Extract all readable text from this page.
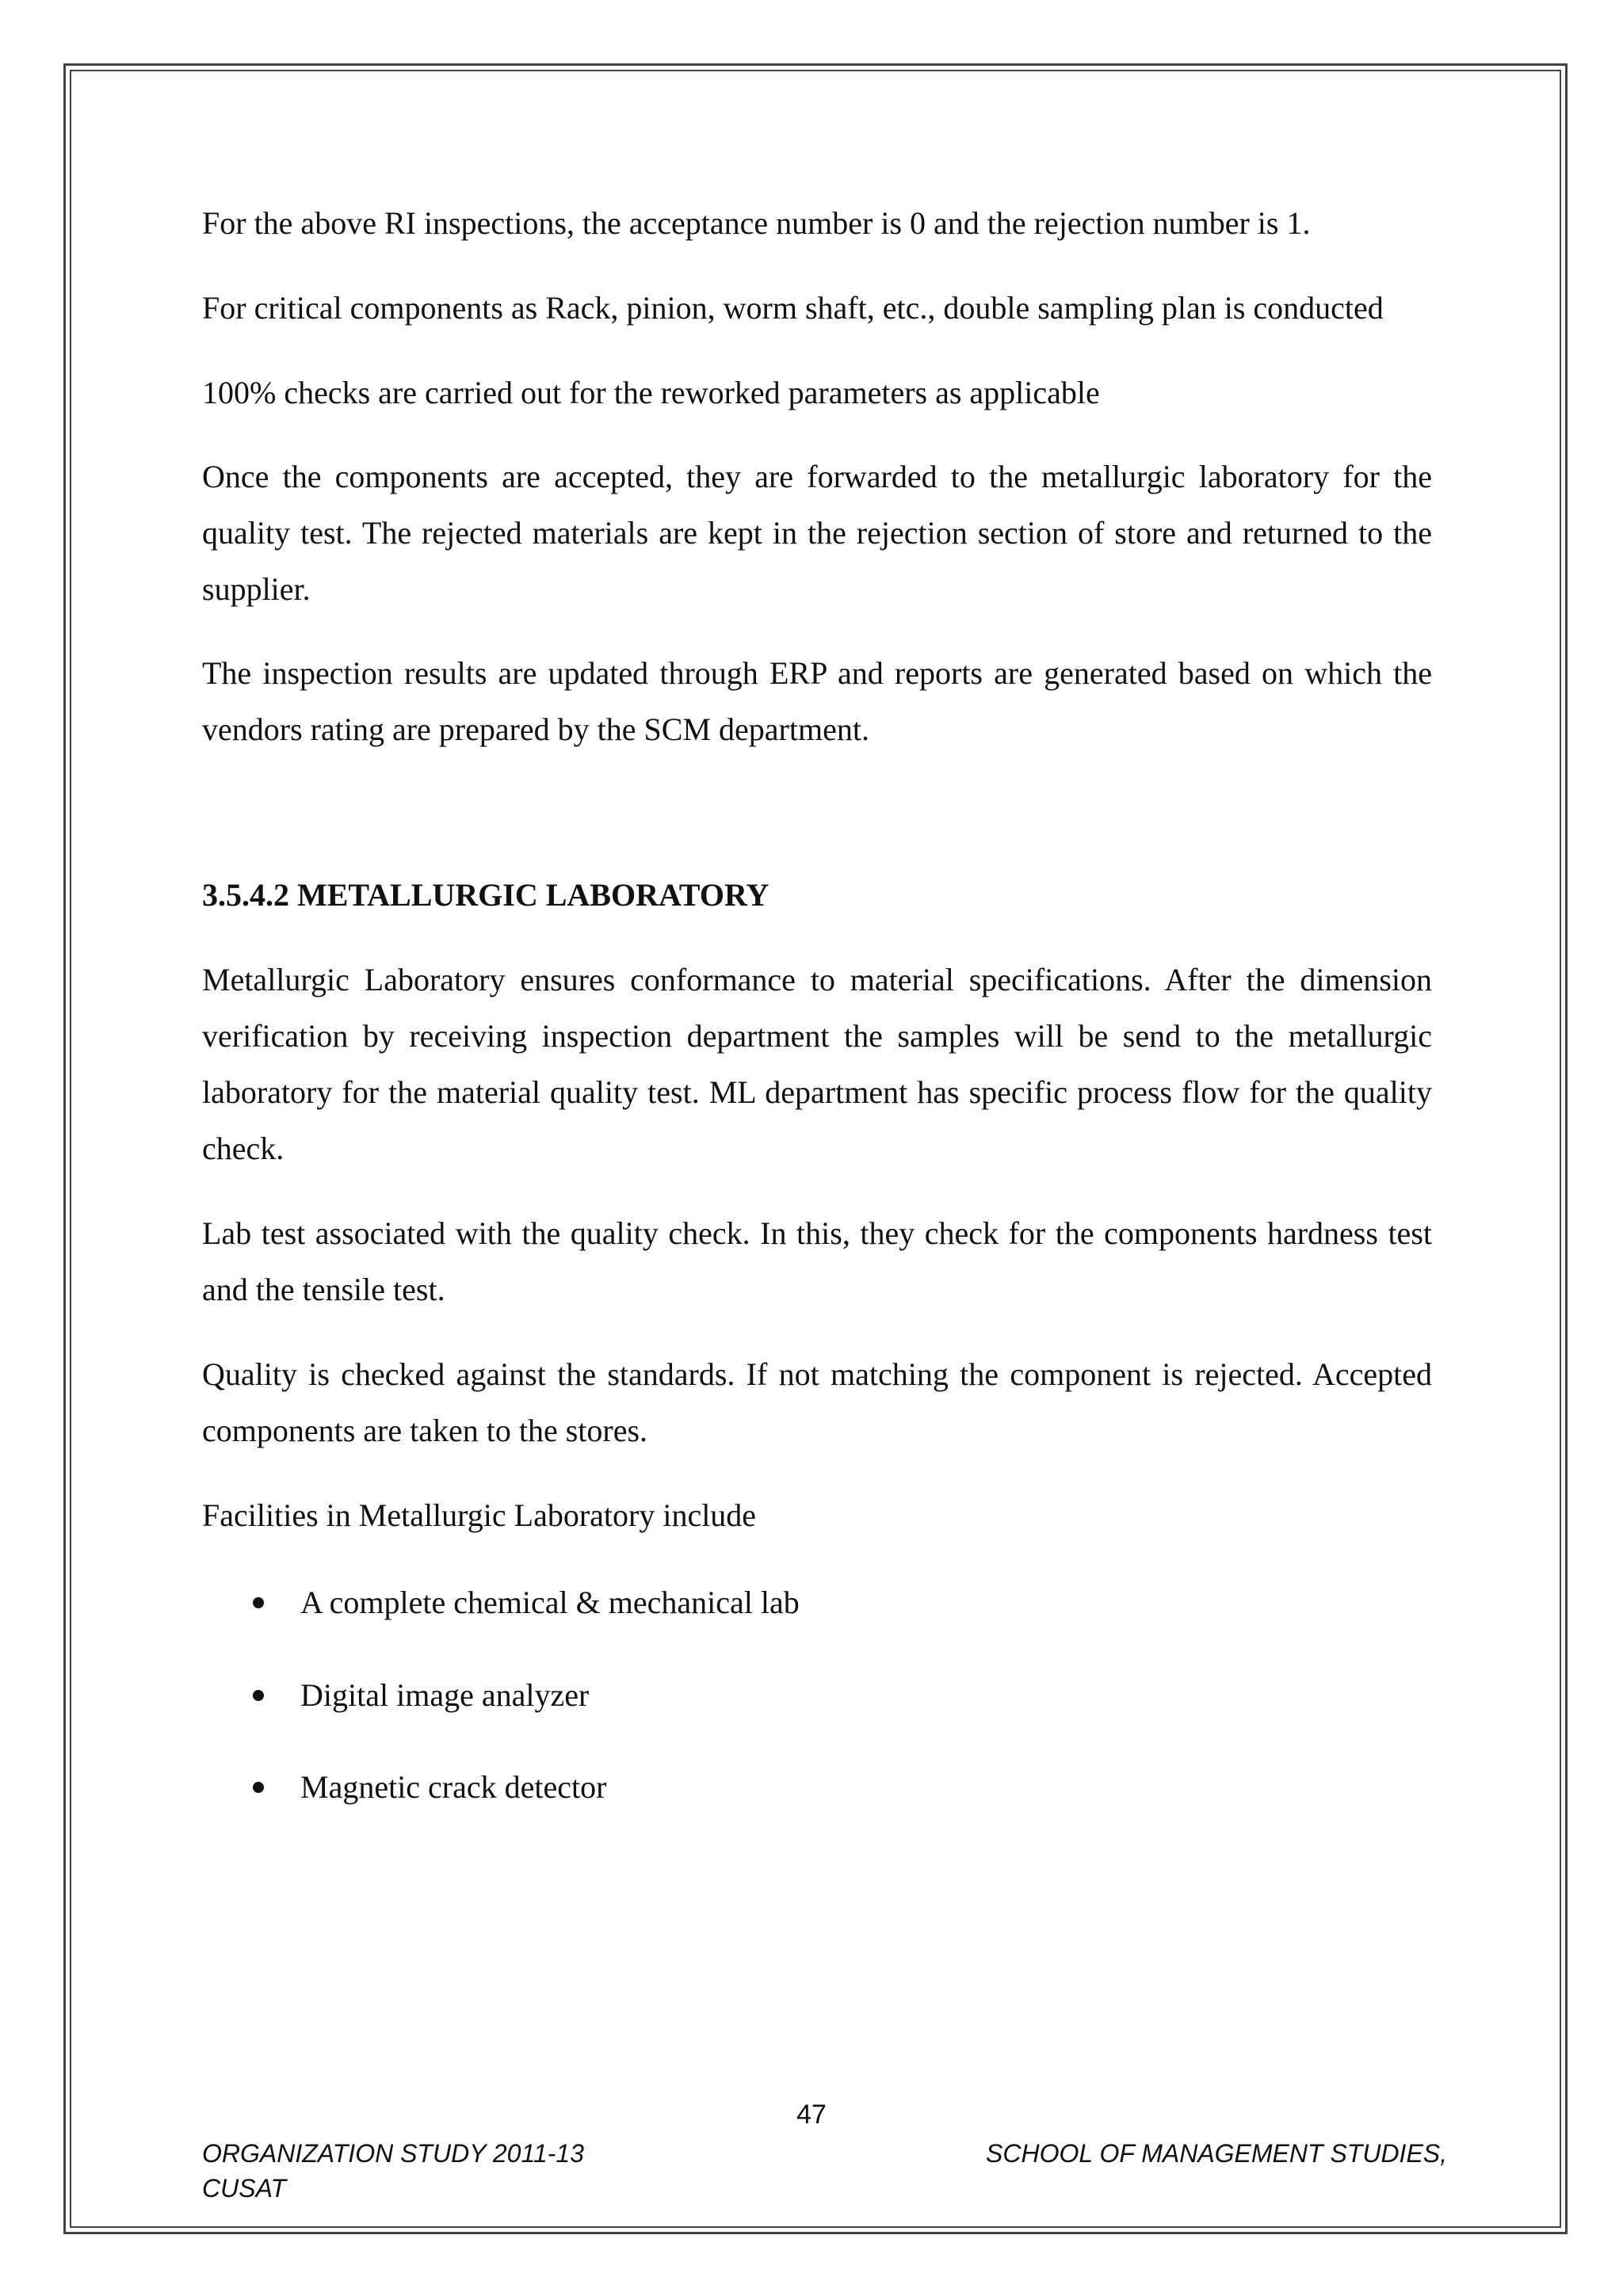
For the above RI inspections, the acceptance number is 0 and the rejection number is 1.

For critical components as Rack, pinion, worm shaft, etc., double sampling plan is conducted

100% checks are carried out for the reworked parameters as applicable

Once the components are accepted, they are forwarded to the metallurgic laboratory for the quality test. The rejected materials are kept in the rejection section of store and returned to the supplier.

The inspection results are updated through ERP and reports are generated based on which the vendors rating are prepared by the SCM department.

3.5.4.2 METALLURGIC LABORATORY

Metallurgic Laboratory ensures conformance to material specifications. After the dimension verification by receiving inspection department the samples will be send to the metallurgic laboratory for the material quality test. ML department has specific process flow for the quality check.

Lab test associated with the quality check. In this, they check for the components hardness test and the tensile test.

Quality is checked against the standards. If not matching the component is rejected. Accepted components are taken to the stores.

Facilities in Metallurgic Laboratory include

A complete chemical & mechanical lab
Digital image analyzer
Magnetic crack detector
47
ORGANIZATION STUDY 2011-13	SCHOOL OF MANAGEMENT STUDIES,
CUSAT
